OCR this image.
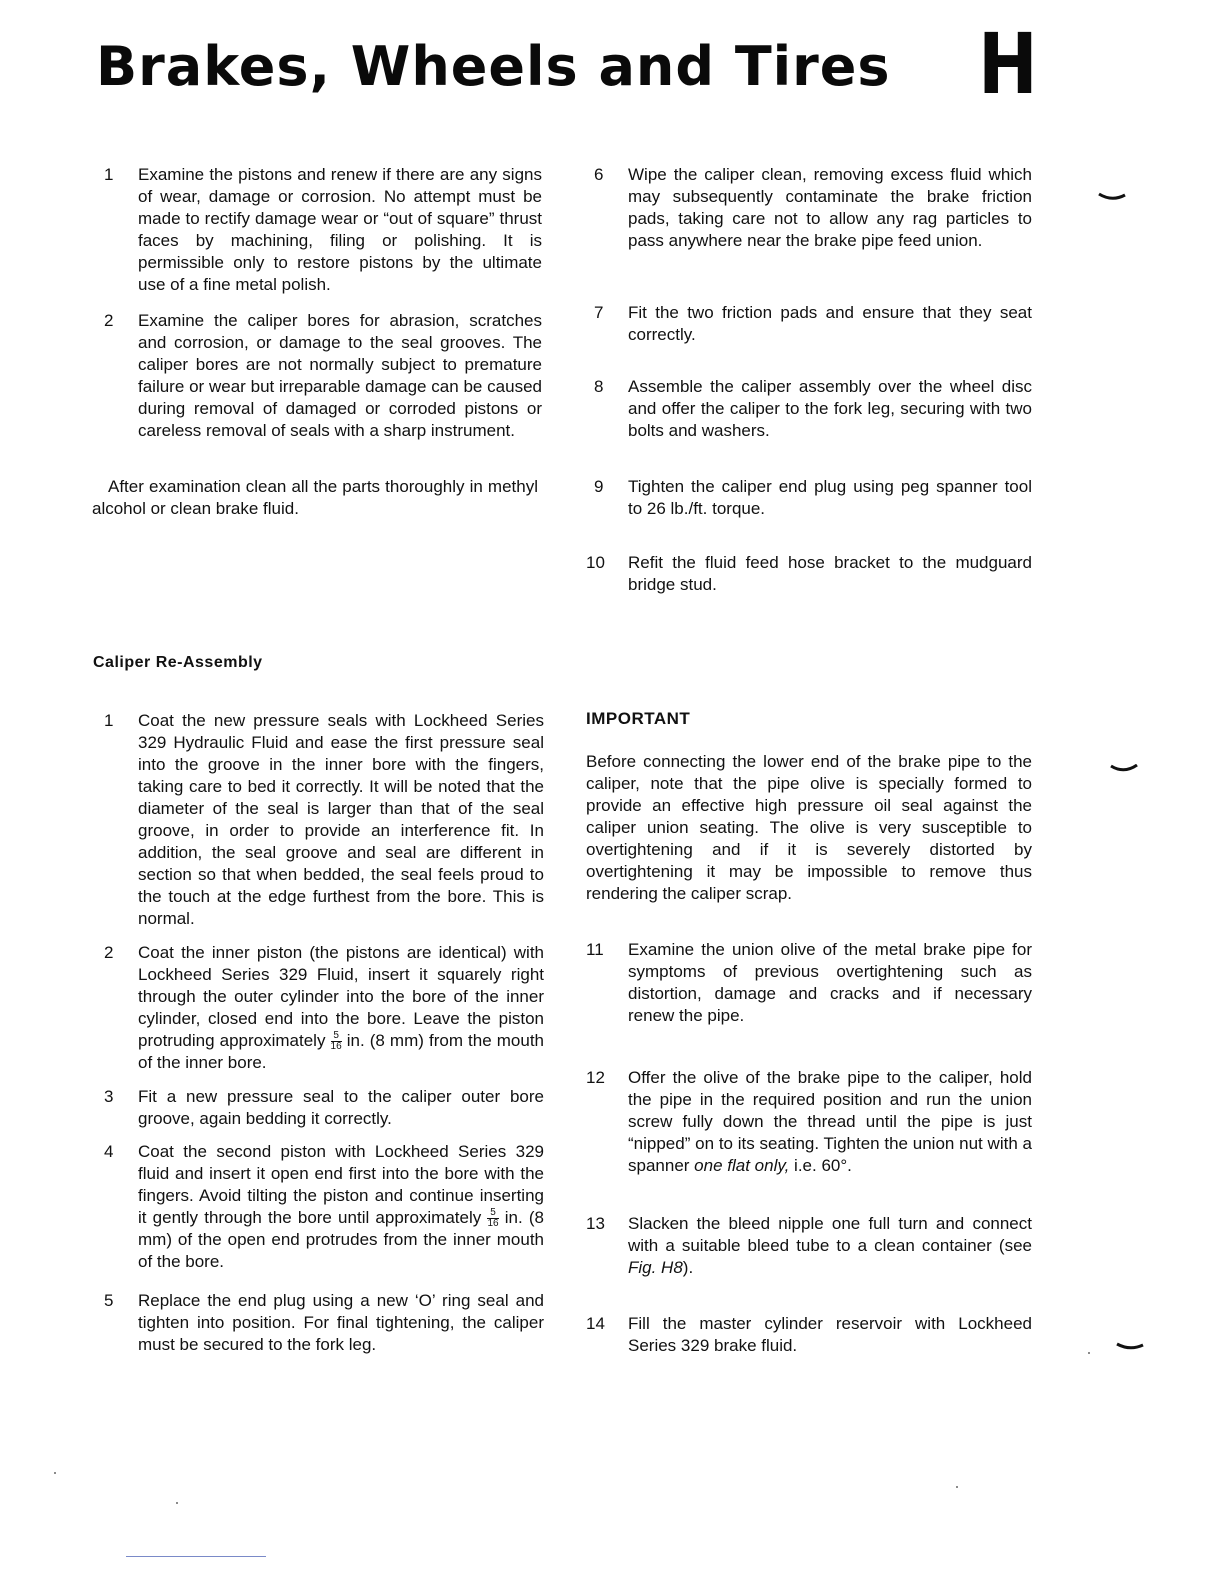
Brakes, Wheels and Tires H
1	Examine the pistons and renew if there are any signs of wear, damage or corrosion. No attempt must be made to rectify damage wear or “out of square” thrust faces by machining, filing or polishing. It is permissible only to restore pistons by the ultimate use of a fine metal polish.
2	Examine the caliper bores for abrasion, scratches and corrosion, or damage to the seal grooves. The caliper bores are not normally subject to premature failure or wear but irreparable damage can be caused during removal of damaged or corroded pistons or careless removal of seals with a sharp instrument.
After examination clean all the parts thoroughly in methyl alcohol or clean brake fluid.
6	Wipe the caliper clean, removing excess fluid which may subsequently contaminate the brake friction pads, taking care not to allow any rag particles to pass anywhere near the brake pipe feed union.
7	Fit the two friction pads and ensure that they seat correctly.
8	Assemble the caliper assembly over the wheel disc and offer the caliper to the fork leg, securing with two bolts and washers.
9	Tighten the caliper end plug using peg spanner tool to 26 lb./ft. torque.
10	Refit the fluid feed hose bracket to the mudguard bridge stud.
Caliper Re-Assembly
1	Coat the new pressure seals with Lockheed Series 329 Hydraulic Fluid and ease the first pressure seal into the groove in the inner bore with the fingers, taking care to bed it correctly. It will be noted that the diameter of the seal is larger than that of the seal groove, in order to provide an interference fit. In addition, the seal groove and seal are different in section so that when bedded, the seal feels proud to the touch at the edge furthest from the bore. This is normal.
2	Coat the inner piston (the pistons are identical) with Lockheed Series 329 Fluid, insert it squarely right through the outer cylinder into the bore of the inner cylinder, closed end into the bore. Leave the piston protruding approximately $\frac{5}{16}$ in. (8 mm) from the mouth of the inner bore.
3	Fit a new pressure seal to the caliper outer bore groove, again bedding it correctly.
4	Coat the second piston with Lockheed Series 329 fluid and insert it open end first into the bore with the fingers. Avoid tilting the piston and continue inserting it gently through the bore until approximately $\frac{5}{16}$ in. (8 mm) of the open end protrudes from the inner mouth of the bore.
5	Replace the end plug using a new ‘O’ ring seal and tighten into position. For final tightening, the caliper must be secured to the fork leg.
IMPORTANT
Before connecting the lower end of the brake pipe to the caliper, note that the pipe olive is specially formed to provide an effective high pressure oil seal against the caliper union seating. The olive is very susceptible to overtightening and if it is severely distorted by overtightening it may be impossible to remove thus rendering the caliper scrap.
11	Examine the union olive of the metal brake pipe for symptoms of previous overtightening such as distortion, damage and cracks and if necessary renew the pipe.
12	Offer the olive of the brake pipe to the caliper, hold the pipe in the required position and run the union screw fully down the thread until the pipe is just “nipped” on to its seating. Tighten the union nut with a spanner one flat only, i.e. 60°.
13	Slacken the bleed nipple one full turn and connect with a suitable bleed tube to a clean container (see Fig. H8).
14	Fill the master cylinder reservoir with Lockheed Series 329 brake fluid.
